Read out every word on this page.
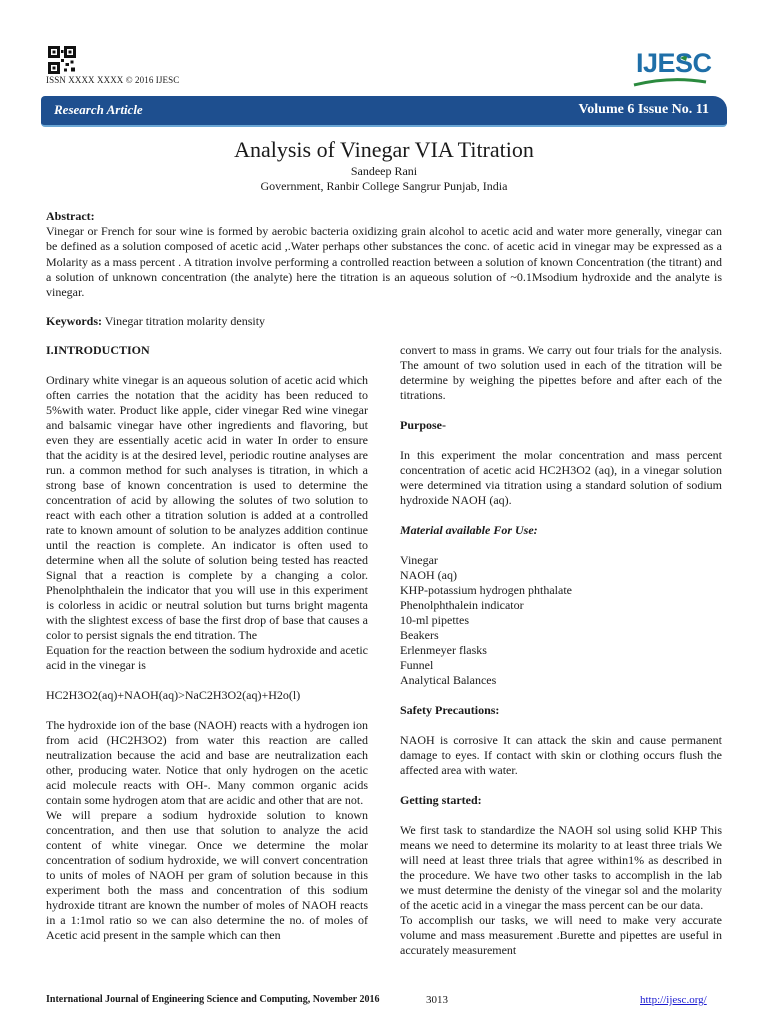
ISSN XXXX XXXX © 2016 IJESC
IJESC
Research Article	Volume 6 Issue No. 11
Analysis of Vinegar VIA Titration
Sandeep Rani
Government, Ranbir College Sangrur Punjab, India
Abstract:
Vinegar or French for sour wine is formed by aerobic bacteria oxidizing grain alcohol to acetic acid and water more generally, vinegar can be defined as a solution composed of acetic acid ,.Water perhaps other substances the conc. of acetic acid in vinegar may be expressed as a Molarity as a mass percent . A titration involve performing a controlled reaction between a solution of known Concentration (the titrant) and a solution of unknown concentration (the analyte) here the titration is an aqueous solution of ~0.1Msodium hydroxide and the analyte is vinegar.
Keywords: Vinegar titration molarity density
I.INTRODUCTION

Ordinary white vinegar is an aqueous solution of acetic acid which often carries the notation that the acidity has been reduced to 5%with water. Product like apple, cider vinegar Red wine vinegar and balsamic vinegar have other ingredients and flavoring, but even they are essentially acetic acid in water In order to ensure that the acidity is at the desired level, periodic routine analyses are run. a common method for such analyses is titration, in which a strong base of known concentration is used to determine the concentration of acid by allowing the solutes of two solution to react with each other a titration solution is added at a controlled rate to known amount of solution to be analyzes addition continue until the reaction is complete. An indicator is often used to determine when all the solute of solution being tested has reacted Signal that a reaction is complete by a changing a color. Phenolphthalein the indicator that you will use in this experiment is colorless in acidic or neutral solution but turns bright magenta with the slightest excess of base the first drop of base that causes a color to persist signals the end titration. The

Equation for the reaction between the sodium hydroxide and acetic acid in the vinegar is

HC2H3O2(aq)+NAOH(aq)>NaC2H3O2(aq)+H2o(l)

The hydroxide ion of the base (NAOH) reacts with a hydrogen ion from acid (HC2H3O2) from water this reaction are called neutralization because the acid and base are neutralization each other, producing water. Notice that only hydrogen on the acetic acid molecule reacts with OH-. Many common organic acids contain some hydrogen atom that are acidic and other that are not.

We will prepare a sodium hydroxide solution to known concentration, and then use that solution to analyze the acid content of white vinegar. Once we determine the molar concentration of sodium hydroxide, we will convert concentration to units of moles of NAOH per gram of solution because in this experiment both the mass and concentration of this sodium hydroxide titrant are known the number of moles of NAOH reacts in a 1:1mol ratio so we can also determine the no. of moles of Acetic acid present in the sample which can then

convert to mass in grams. We carry out four trials for the analysis. The amount of two solution used in each of the titration will be determine by weighing the pipettes before and after each of the titrations.

Purpose-

In this experiment the molar concentration and mass percent concentration of acetic acid HC2H3O2 (aq), in a vinegar solution were determined via titration using a standard solution of sodium hydroxide NAOH (aq).

Material available For Use:
Vinegar
NAOH (aq)
KHP-potassium hydrogen phthalate
Phenolphthalein indicator
10-ml pipettes
Beakers
Erlenmeyer flasks
Funnel
Analytical Balances
Safety Precautions:

NAOH is corrosive It can attack the skin and cause permanent damage to eyes. If contact with skin or clothing occurs flush the affected area with water.

Getting started:

We first task to standardize the NAOH sol using solid KHP This means we need to determine its molarity to at least three trials We will need at least three trials that agree within1% as described in the procedure. We have two other tasks to accomplish in the lab we must determine the denisty of the vinegar sol and the molarity of the acetic acid in a vinegar the mass percent can be our data.

To accomplish our tasks, we will need to make very accurate volume and mass measurement .Burette and pipettes are useful in accurately measurement

International Journal of Engineering Science and Computing, November 2016	3013	http://ijesc.org/
